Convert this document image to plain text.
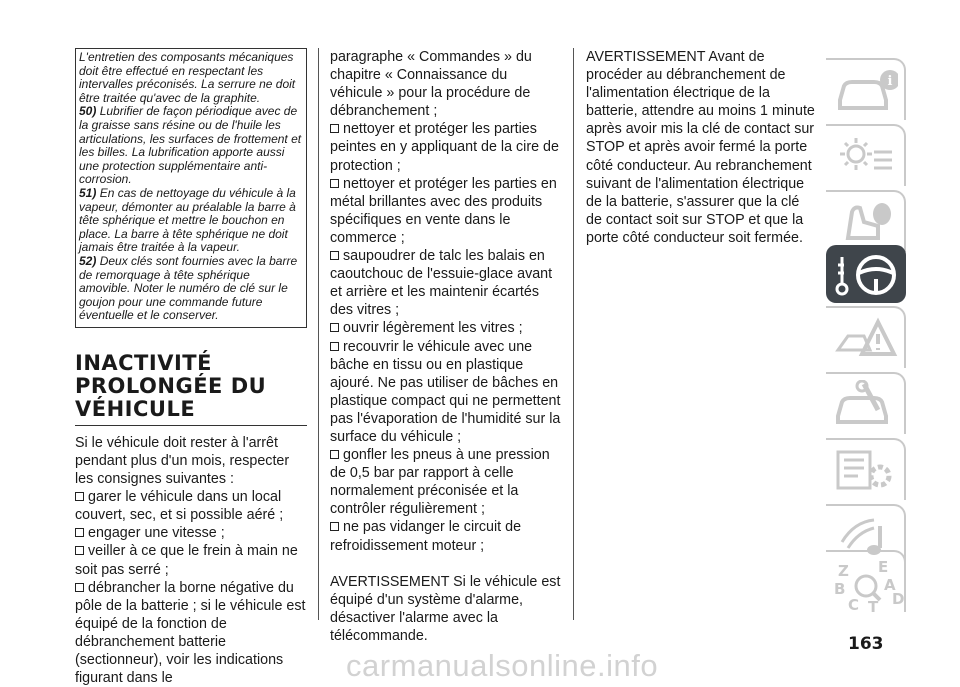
L'entretien des composants mécaniques doit être effectué en respectant les intervalles préconisés. La serrure ne doit être traitée qu'avec de la graphite.

50) Lubrifier de façon périodique avec de la graisse sans résine ou de l'huile les articulations, les surfaces de frottement et les billes. La lubrification apporte aussi une protection supplémentaire anti-corrosion.

51) En cas de nettoyage du véhicule à la vapeur, démonter au préalable la barre à tête sphérique et mettre le bouchon en place. La barre à tête sphérique ne doit jamais être traitée à la vapeur.

52) Deux clés sont fournies avec la barre de remorquage à tête sphérique amovible. Noter le numéro de clé sur le goujon pour une commande future éventuelle et le conserver.

INACTIVITÉ
PROLONGÉE DU
VÉHICULE

Si le véhicule doit rester à l'arrêt pendant plus d'un mois, respecter les consignes suivantes :

garer le véhicule dans un local couvert, sec, et si possible aéré ;

engager une vitesse ;

veiller à ce que le frein à main ne soit pas serré ;

débrancher la borne négative du pôle de la batterie ; si le véhicule est équipé de la fonction de débranchement batterie (sectionneur), voir les indications figurant dans le

paragraphe « Commandes » du chapitre « Connaissance du véhicule » pour la procédure de débranchement ;

nettoyer et protéger les parties peintes en y appliquant de la cire de protection ;

nettoyer et protéger les parties en métal brillantes avec des produits spécifiques en vente dans le commerce ;

saupoudrer de talc les balais en caoutchouc de l'essuie-glace avant et arrière et les maintenir écartés des vitres ;

ouvrir légèrement les vitres ;

recouvrir le véhicule avec une bâche en tissu ou en plastique ajouré. Ne pas utiliser de bâches en plastique compact qui ne permettent pas l'évaporation de l'humidité sur la surface du véhicule ;

gonfler les pneus à une pression de 0,5 bar par rapport à celle normalement préconisée et la contrôler régulièrement ;

ne pas vidanger le circuit de refroidissement moteur ;

AVERTISSEMENT Si le véhicule est équipé d'un système d'alarme, désactiver l'alarme avec la télécommande.

AVERTISSEMENT Avant de procéder au débranchement de l'alimentation électrique de la batterie, attendre au moins 1 minute après avoir mis la clé de contact sur STOP et après avoir fermé la porte côté conducteur. Au rebranchement suivant de l'alimentation électrique de la batterie, s'assurer que la clé de contact soit sur STOP et que la porte côté conducteur soit fermée.

i
Z E
A
B
D
C T
163
carmanualsonline.info
